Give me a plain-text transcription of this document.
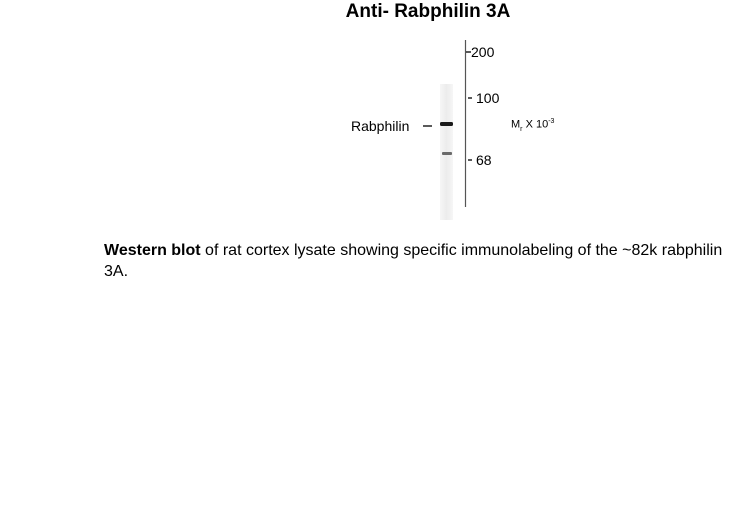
Anti- Rabphilin 3A
Rabphilin
200
100
68
$M_r$ X $10^{-3}$
Western blot of rat cortex lysate showing specific immunolabeling of the ~82k rabphilin 3A.
